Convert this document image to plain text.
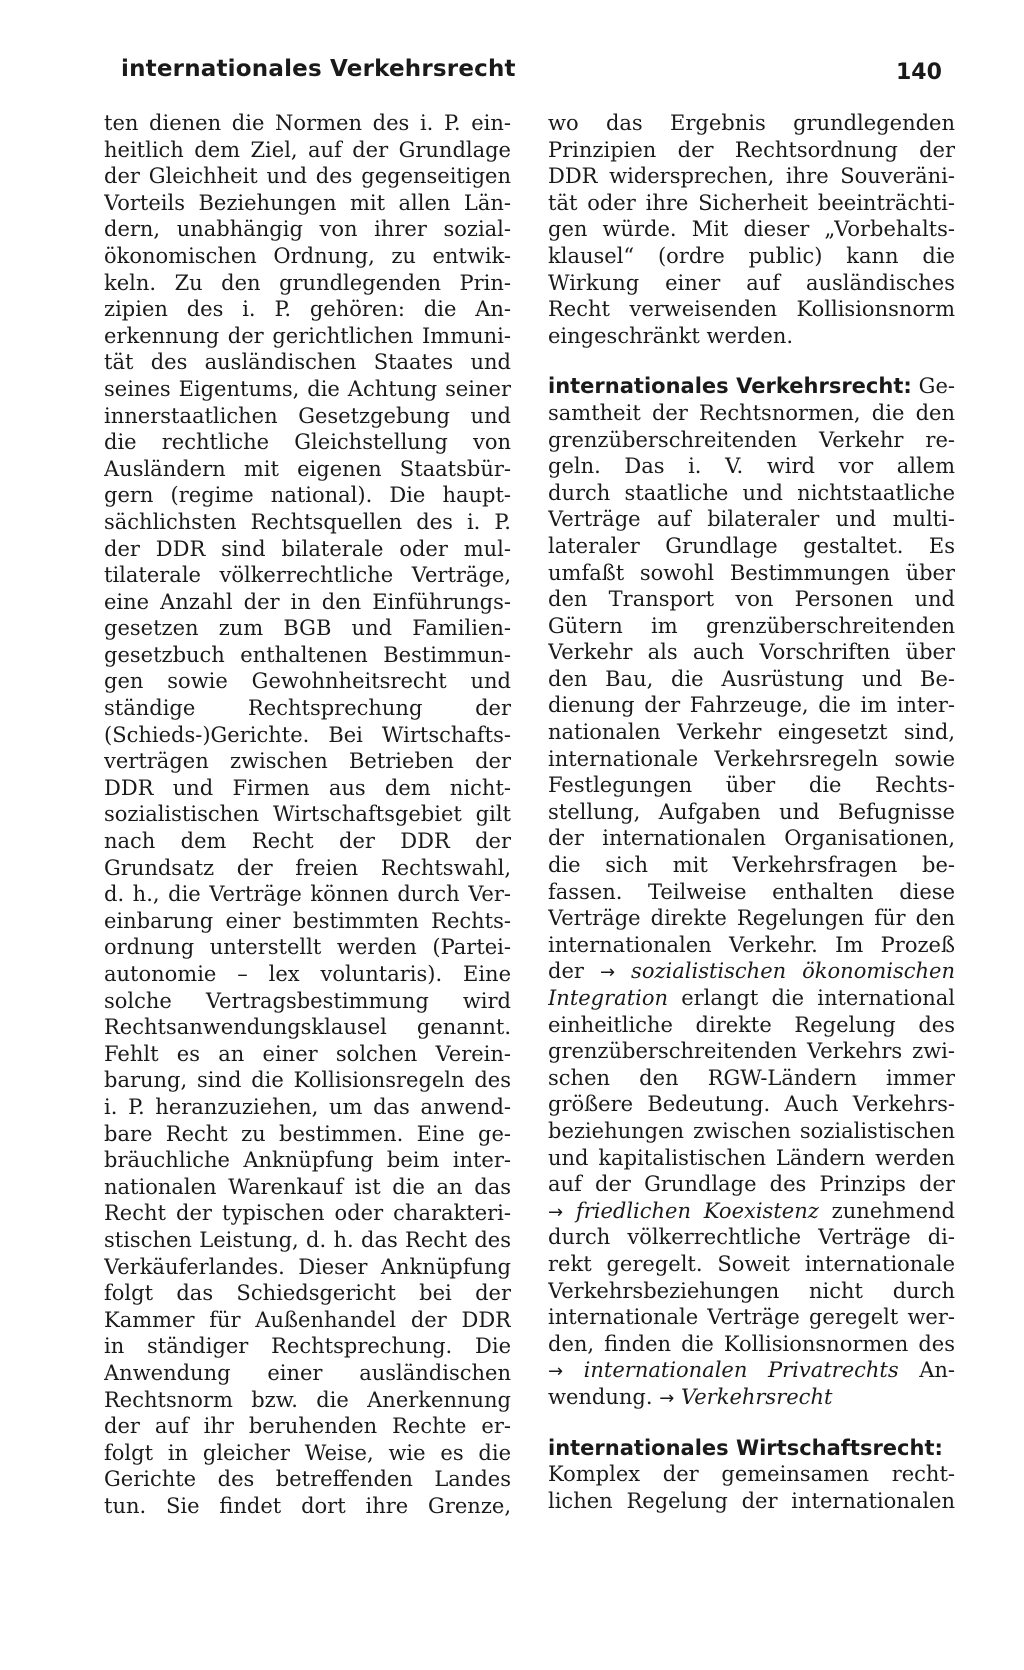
internationales Verkehrsrecht	140
ten dienen die Normen des i. P. ein-
heitlich dem Ziel, auf der Grundlage
der Gleichheit und des gegenseitigen
Vorteils Beziehungen mit allen Län-
dern, unabhängig von ihrer sozial-
ökonomischen Ordnung, zu entwik-
keln. Zu den grundlegenden Prin-
zipien des i. P. gehören: die An-
erkennung der gerichtlichen Immuni-
tät des ausländischen Staates und
seines Eigentums, die Achtung seiner
innerstaatlichen Gesetzgebung und
die rechtliche Gleichstellung von
Ausländern mit eigenen Staatsbür-
gern (regime national). Die haupt-
sächlichsten Rechtsquellen des i. P.
der DDR sind bilaterale oder mul-
tilaterale völkerrechtliche Verträge,
eine Anzahl der in den Einführungs-
gesetzen zum BGB und Familien-
gesetzbuch enthaltenen Bestimmun-
gen sowie Gewohnheitsrecht und
ständige Rechtsprechung der
(Schieds-)Gerichte. Bei Wirtschafts-
verträgen zwischen Betrieben der
DDR und Firmen aus dem nicht-
sozialistischen Wirtschaftsgebiet gilt
nach dem Recht der DDR der
Grundsatz der freien Rechtswahl,
d. h., die Verträge können durch Ver-
einbarung einer bestimmten Rechts-
ordnung unterstellt werden (Partei-
autonomie – lex voluntaris). Eine
solche Vertragsbestimmung wird
Rechtsanwendungsklausel genannt.
Fehlt es an einer solchen Verein-
barung, sind die Kollisionsregeln des
i. P. heranzuziehen, um das anwend-
bare Recht zu bestimmen. Eine ge-
bräuchliche Anknüpfung beim inter-
nationalen Warenkauf ist die an das
Recht der typischen oder charakteri-
stischen Leistung, d. h. das Recht des
Verkäuferlandes. Dieser Anknüpfung
folgt das Schiedsgericht bei der
Kammer für Außenhandel der DDR
in ständiger Rechtsprechung. Die
Anwendung einer ausländischen
Rechtsnorm bzw. die Anerkennung
der auf ihr beruhenden Rechte er-
folgt in gleicher Weise, wie es die
Gerichte des betreffenden Landes
tun. Sie findet dort ihre Grenze,
wo das Ergebnis grundlegenden
Prinzipien der Rechtsordnung der
DDR widersprechen, ihre Souveräni-
tät oder ihre Sicherheit beeinträchti-
gen würde. Mit dieser „Vorbehalts-
klausel“ (ordre public) kann die
Wirkung einer auf ausländisches
Recht verweisenden Kollisionsnorm
eingeschränkt werden.
internationales Verkehrsrecht: Ge-
samtheit der Rechtsnormen, die den
grenzüberschreitenden Verkehr re-
geln. Das i. V. wird vor allem
durch staatliche und nichtstaatliche
Verträge auf bilateraler und multi-
lateraler Grundlage gestaltet. Es
umfaßt sowohl Bestimmungen über
den Transport von Personen und
Gütern im grenzüberschreitenden
Verkehr als auch Vorschriften über
den Bau, die Ausrüstung und Be-
dienung der Fahrzeuge, die im inter-
nationalen Verkehr eingesetzt sind,
internationale Verkehrsregeln sowie
Festlegungen über die Rechts-
stellung, Aufgaben und Befugnisse
der internationalen Organisationen,
die sich mit Verkehrsfragen be-
fassen. Teilweise enthalten diese
Verträge direkte Regelungen für den
internationalen Verkehr. Im Prozeß
der → sozialistischen ökonomischen
Integration erlangt die international
einheitliche direkte Regelung des
grenzüberschreitenden Verkehrs zwi-
schen den RGW-Ländern immer
größere Bedeutung. Auch Verkehrs-
beziehungen zwischen sozialistischen
und kapitalistischen Ländern werden
auf der Grundlage des Prinzips der
→ friedlichen Koexistenz zunehmend
durch völkerrechtliche Verträge di-
rekt geregelt. Soweit internationale
Verkehrsbeziehungen nicht durch
internationale Verträge geregelt wer-
den, finden die Kollisionsnormen des
→ internationalen Privatrechts An-
wendung. → Verkehrsrecht
internationales Wirtschaftsrecht:
Komplex der gemeinsamen recht-
lichen Regelung der internationalen
